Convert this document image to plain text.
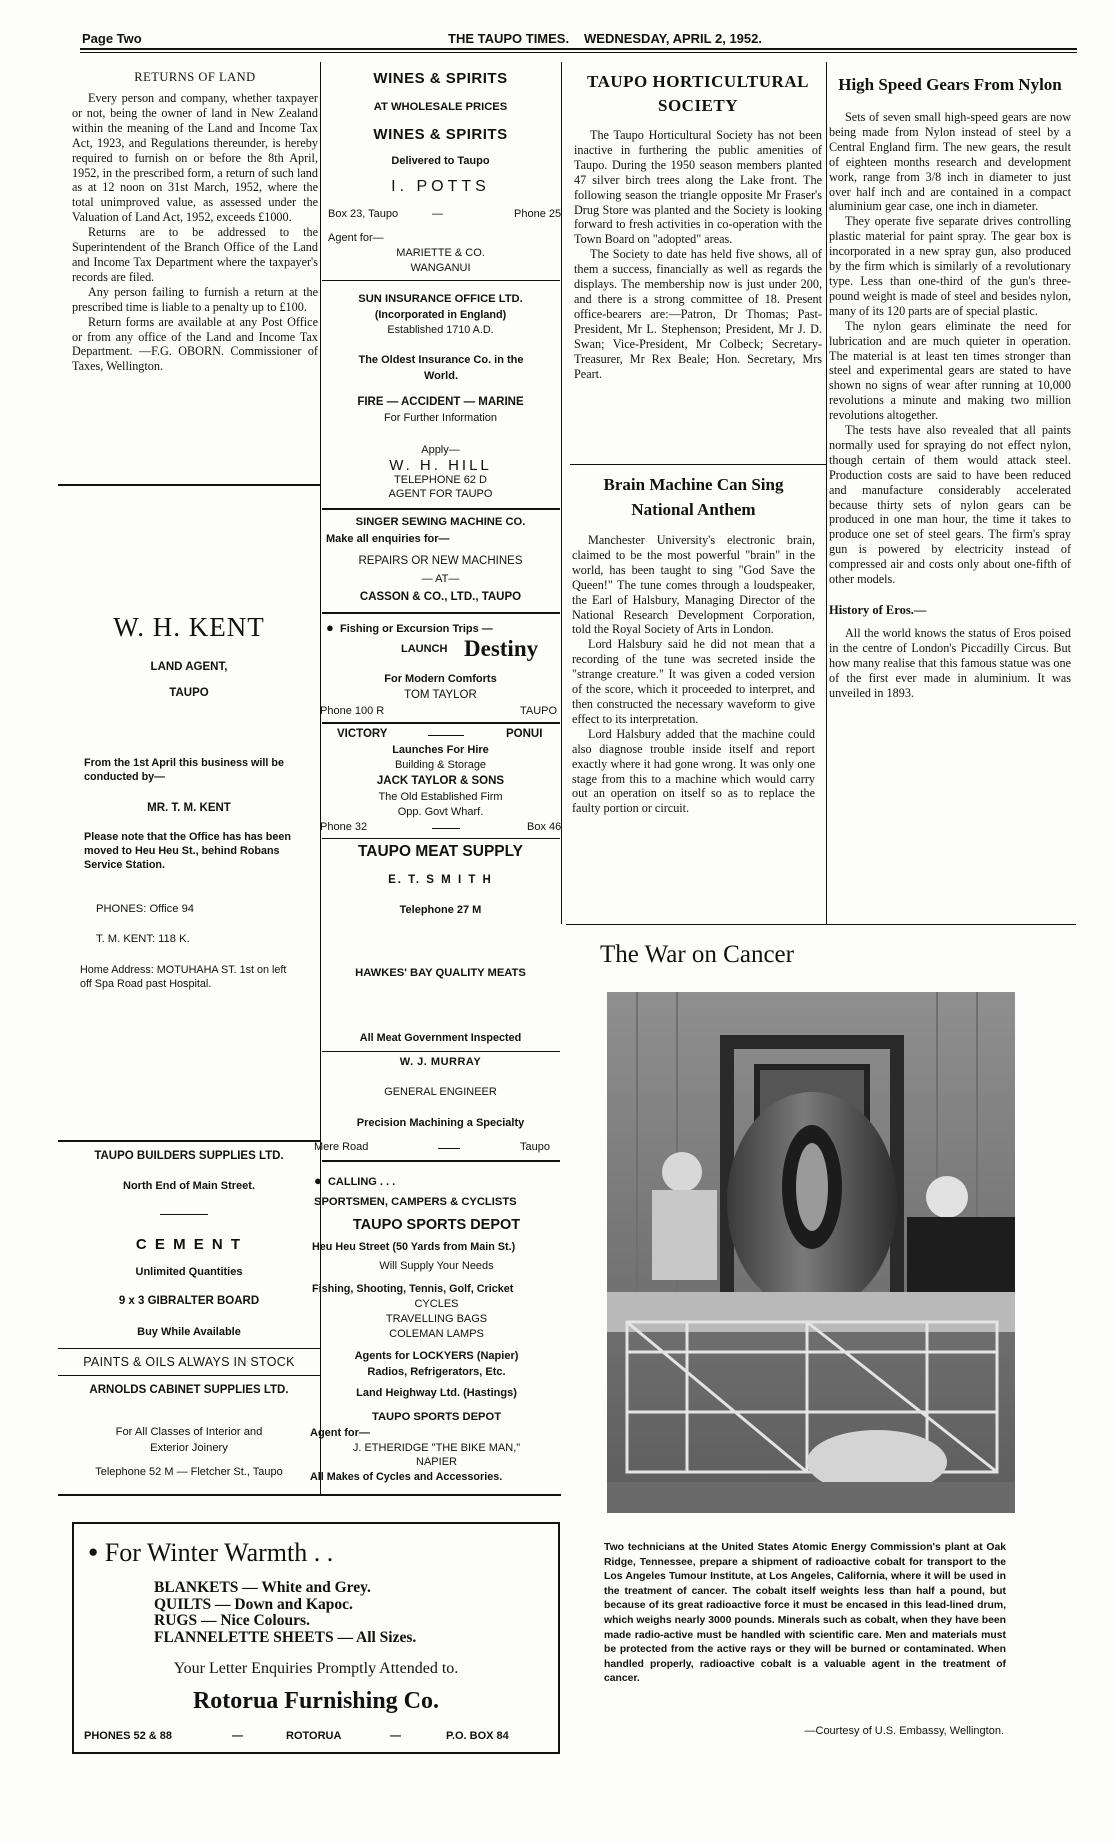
Page Two	THE TAUPO TIMES. WEDNESDAY, APRIL 2, 1952.
RETURNS OF LAND

Every person and company, whether taxpayer or not, being the owner of land in New Zealand within the meaning of the Land and Income Tax Act, 1923, and Regulations thereunder, is hereby required to furnish on or before the 8th April, 1952, in the prescribed form, a return of such land as at 12 noon on 31st March, 1952, where the total unimproved value, as assessed under the Valuation of Land Act, 1952, exceeds £1000.

Returns are to be addressed to the Superintendent of the Branch Office of the Land and Income Tax Department where the taxpayer's records are filed.

Any person failing to furnish a return at the prescribed time is liable to a penalty up to £100.

Return forms are available at any Post Office or from any office of the Land and Income Tax Department. —F.G. OBORN. Commissioner of Taxes, Wellington.

W. H. KENT
LAND AGENT,
TAUPO
From the 1st April this business will be conducted by—
MR. T. M. KENT
Please note that the Office has has been moved to Heu Heu St., behind Robans Service Station.
PHONES: Office 94
T. M. KENT: 118 K.
Home Address: MOTUHAHA ST. 1st on left off Spa Road past Hospital.
TAUPO BUILDERS SUPPLIES LTD.
North End of Main Street.
C E M E N T
Unlimited Quantities
9 x 3 GIBRALTER BOARD
Buy While Available
PAINTS & OILS ALWAYS IN STOCK
ARNOLDS CABINET SUPPLIES LTD.
For All Classes of Interior and
Exterior Joinery
Telephone 52 M — Fletcher St., Taupo
WINES & SPIRITS
AT WHOLESALE PRICES
WINES & SPIRITS
Delivered to Taupo
I. POTTS
Box 23, Taupo	—	Phone 25
Agent for—
MARIETTE & CO.
WANGANUI
SUN INSURANCE OFFICE LTD.
(Incorporated in England)
Established 1710 A.D.
The Oldest Insurance Co. in the World.
FIRE — ACCIDENT — MARINE
For Further Information
Apply—
W. H. HILL
TELEPHONE 62 D
AGENT FOR TAUPO
SINGER SEWING MACHINE CO.
Make all enquiries for—
REPAIRS OR NEW MACHINES
— AT—
CASSON & CO., LTD., TAUPO
● Fishing or Excursion Trips —
LAUNCH Destiny
For Modern Comforts
TOM TAYLOR
Phone 100 R	TAUPO
VICTORY	PONUI
Launches For Hire
Building & Storage
JACK TAYLOR & SONS
The Old Established Firm
Opp. Govt Wharf.
Phone 32	Box 46
TAUPO MEAT SUPPLY
E. T. S M I T H
Telephone 27 M
HAWKES' BAY QUALITY MEATS
All Meat Government Inspected
W. J. MURRAY
GENERAL ENGINEER
Precision Machining a Specialty
Mere Road	Taupo
● CALLING . . .
SPORTSMEN, CAMPERS & CYCLISTS
TAUPO SPORTS DEPOT
Heu Heu Street (50 Yards from Main St.)
Will Supply Your Needs
Fishing, Shooting, Tennis, Golf, Cricket
CYCLES
TRAVELLING BAGS
COLEMAN LAMPS
Agents for LOCKYERS (Napier)
Radios, Refrigerators, Etc.
Land Heighway Ltd. (Hastings)
TAUPO SPORTS DEPOT
Agent for—
J. ETHERIDGE "THE BIKE MAN,"
NAPIER
All Makes of Cycles and Accessories.
● For Winter Warmth . .
BLANKETS — White and Grey.
QUILTS — Down and Kapoc.
RUGS — Nice Colours.
FLANNELETTE SHEETS — All Sizes.
Your Letter Enquiries Promptly Attended to.
Rotorua Furnishing Co.
PHONES 52 & 88	—	ROTORUA	—	P.O. BOX 84
TAUPO HORTICULTURAL SOCIETY

The Taupo Horticultural Society has not been inactive in furthering the public amenities of Taupo. During the 1950 season members planted 47 silver birch trees along the Lake front. The following season the triangle opposite Mr Fraser's Drug Store was planted and the Society is looking forward to fresh activities in co-operation with the Town Board on "adopted" areas.

The Society to date has held five shows, all of them a success, financially as well as regards the displays. The membership now is just under 200, and there is a strong committee of 18. Present office-bearers are:—Patron, Dr Thomas; Past-President, Mr L. Stephenson; President, Mr J. D. Swan; Vice-President, Mr Colbeck; Secretary-Treasurer, Mr Rex Beale; Hon. Secretary, Mrs Peart.

Brain Machine Can Sing National Anthem

Manchester University's electronic brain, claimed to be the most powerful "brain" in the world, has been taught to sing "God Save the Queen!" The tune comes through a loudspeaker, the Earl of Halsbury, Managing Director of the National Research Development Corporation, told the Royal Society of Arts in London.

Lord Halsbury said he did not mean that a recording of the tune was secreted inside the "strange creature." It was given a coded version of the score, which it proceeded to interpret, and then constructed the necessary waveform to give effect to its interpretation.

Lord Halsbury added that the machine could also diagnose trouble inside itself and report exactly where it had gone wrong. It was only one stage from this to a machine which would carry out an operation on itself so as to replace the faulty portion or circuit.

High Speed Gears From Nylon

Sets of seven small high-speed gears are now being made from Nylon instead of steel by a Central England firm. The new gears, the result of eighteen months research and development work, range from 3/8 inch in diameter to just over half inch and are contained in a compact aluminium gear case, one inch in diameter.

They operate five separate drives controlling plastic material for paint spray. The gear box is incorporated in a new spray gun, also produced by the firm which is similarly of a revolutionary type. Less than one-third of the gun's three-pound weight is made of steel and besides nylon, many of its 120 parts are of special plastic.

The nylon gears eliminate the need for lubrication and are much quieter in operation. The material is at least ten times stronger than steel and experimental gears are stated to have shown no signs of wear after running at 10,000 revolutions a minute and making two million revolutions altogether.

The tests have also revealed that all paints normally used for spraying do not effect nylon, though certain of them would attack steel. Production costs are said to have been reduced and manufacture considerably accelerated because thirty sets of nylon gears can be produced in one man hour, the time it takes to produce one set of steel gears. The firm's spray gun is powered by electricity instead of compressed air and costs only about one-fifth of other models.

History of Eros.—

All the world knows the status of Eros poised in the centre of London's Piccadilly Circus. But how many realise that this famous statue was one of the first ever made in aluminium. It was unveiled in 1893.

The War on Cancer
Two technicians at the United States Atomic Energy Commission's plant at Oak Ridge, Tennessee, prepare a shipment of radioactive cobalt for transport to the Los Angeles Tumour Institute, at Los Angeles, California, where it will be used in the treatment of cancer. The cobalt itself weights less than half a pound, but because of its great radioactive force it must be encased in this lead-lined drum, which weighs nearly 3000 pounds. Minerals such as cobalt, when they have been made radio-active must be handled with scientific care. Men and materials must be protected from the active rays or they will be burned or contaminated. When handled properly, radioactive cobalt is a valuable agent in the treatment of cancer.
—Courtesy of U.S. Embassy, Wellington.
